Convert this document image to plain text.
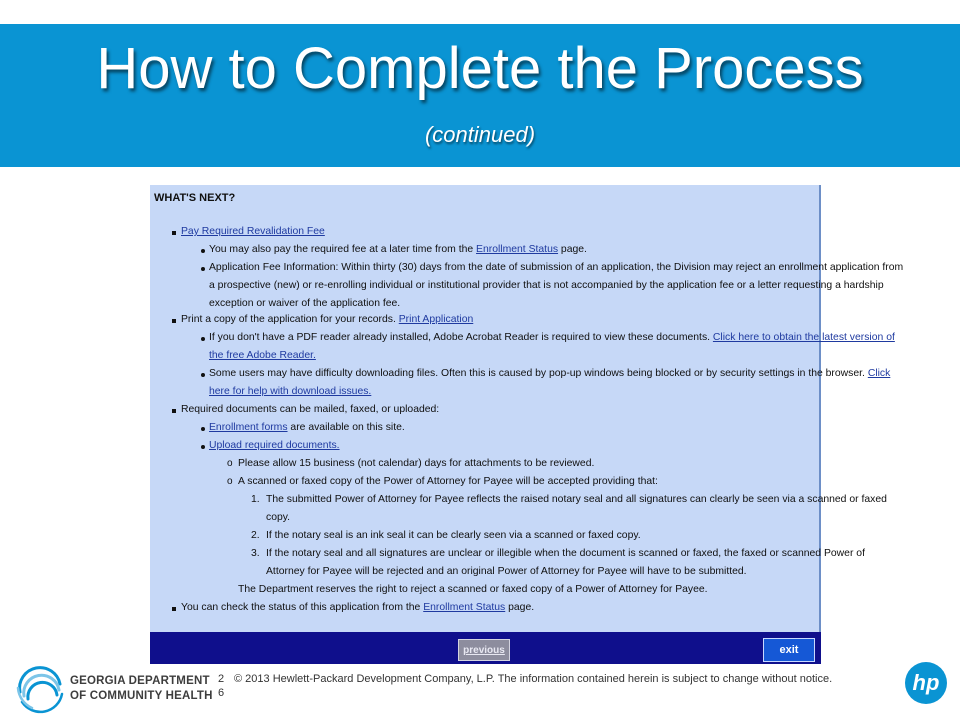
How to Complete the Process
(continued)
WHAT'S NEXT?
Pay Required Revalidation Fee
You may also pay the required fee at a later time from the Enrollment Status page.
Application Fee Information: Within thirty (30) days from the date of submission of an application, the Division may reject an enrollment application from
a prospective (new) or re-enrolling individual or institutional provider that is not accompanied by the application fee or a letter requesting a hardship
exception or waiver of the application fee.
Print a copy of the application for your records. Print Application
If you don't have a PDF reader already installed, Adobe Acrobat Reader is required to view these documents. Click here to obtain the latest version of
the free Adobe Reader.
Some users may have difficulty downloading files. Often this is caused by pop-up windows being blocked or by security settings in the browser. Click
here for help with download issues.
Required documents can be mailed, faxed, or uploaded:
Enrollment forms are available on this site.
Upload required documents.
o Please allow 15 business (not calendar) days for attachments to be reviewed.
o A scanned or faxed copy of the Power of Attorney for Payee will be accepted providing that:
1. The submitted Power of Attorney for Payee reflects the raised notary seal and all signatures can clearly be seen via a scanned or faxed
copy.
2. If the notary seal is an ink seal it can be clearly seen via a scanned or faxed copy.
3. If the notary seal and all signatures are unclear or illegible when the document is scanned or faxed, the faxed or scanned Power of
Attorney for Payee will be rejected and an original Power of Attorney for Payee will have to be submitted.
The Department reserves the right to reject a scanned or faxed copy of a Power of Attorney for Payee.
You can check the status of this application from the Enrollment Status page.
previous	exit
GEORGIA DEPARTMENT
OF COMMUNITY HEALTH
2 6
© 2013 Hewlett-Packard Development Company, L.P. The information contained herein is subject to change without notice.	hp
